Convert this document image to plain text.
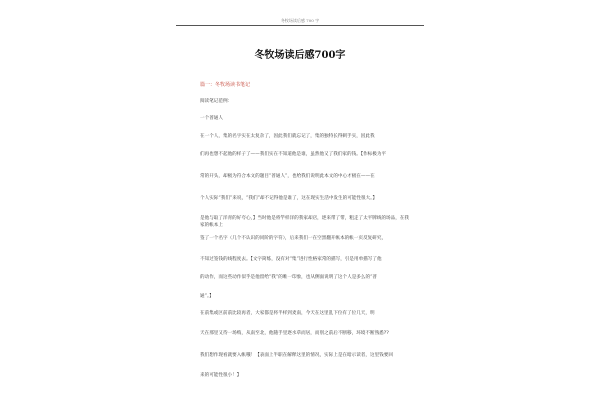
冬牧场读后感 700 字
冬牧场读后感700字
篇一：冬牧场读书笔记
阅读笔记范例：
一个普通人
在一个人，集的名字实在太复杂了，因此我们就忘记了，集的独特长得刺手实，因此我
们再也想不起他的样子了——我们实在不知道他是谁，虽然他又了我们家的钱。【作标极为平
常的开头，却极为符合本文的题目“普通人”，也给我们说明此本文的中心才极在——在
个人实际“我们”来说，“我们”却不记得他是谁了，这在现实生活中发生的可能性很大。】
是他与取了洋青的好夸心，】当时他是将竿样洋的我家却店，逐来带了带，粗走了太平牌线的场品，在我家的帐本上
签了一个名字（几个不认识的同阶的字符），后来我们一在空黑翻开帐本的帐一页反复研究，
不知过签钱的线程度去。【文字简练，没有对“集”进行性格家常的描写，引是用单描写了他
的动作，而这些动作似乎是他留给“我”的唯一印象，也从侧面说明了这个人是多么的“普
通”。】
在前集或区前前比较再者，大家都是将半样到麦南，今天在这里乱下位有了位几天，明
天在那里又待一场购，从南至北，他随手里逐水草而居，而别之前后不断移，环境不断熟悉??
我们想作现看就要入帐哦！【表面上半职在解释这里的情况，实际上是在暗示读者，这里钱要回
来的可能性很小！】
